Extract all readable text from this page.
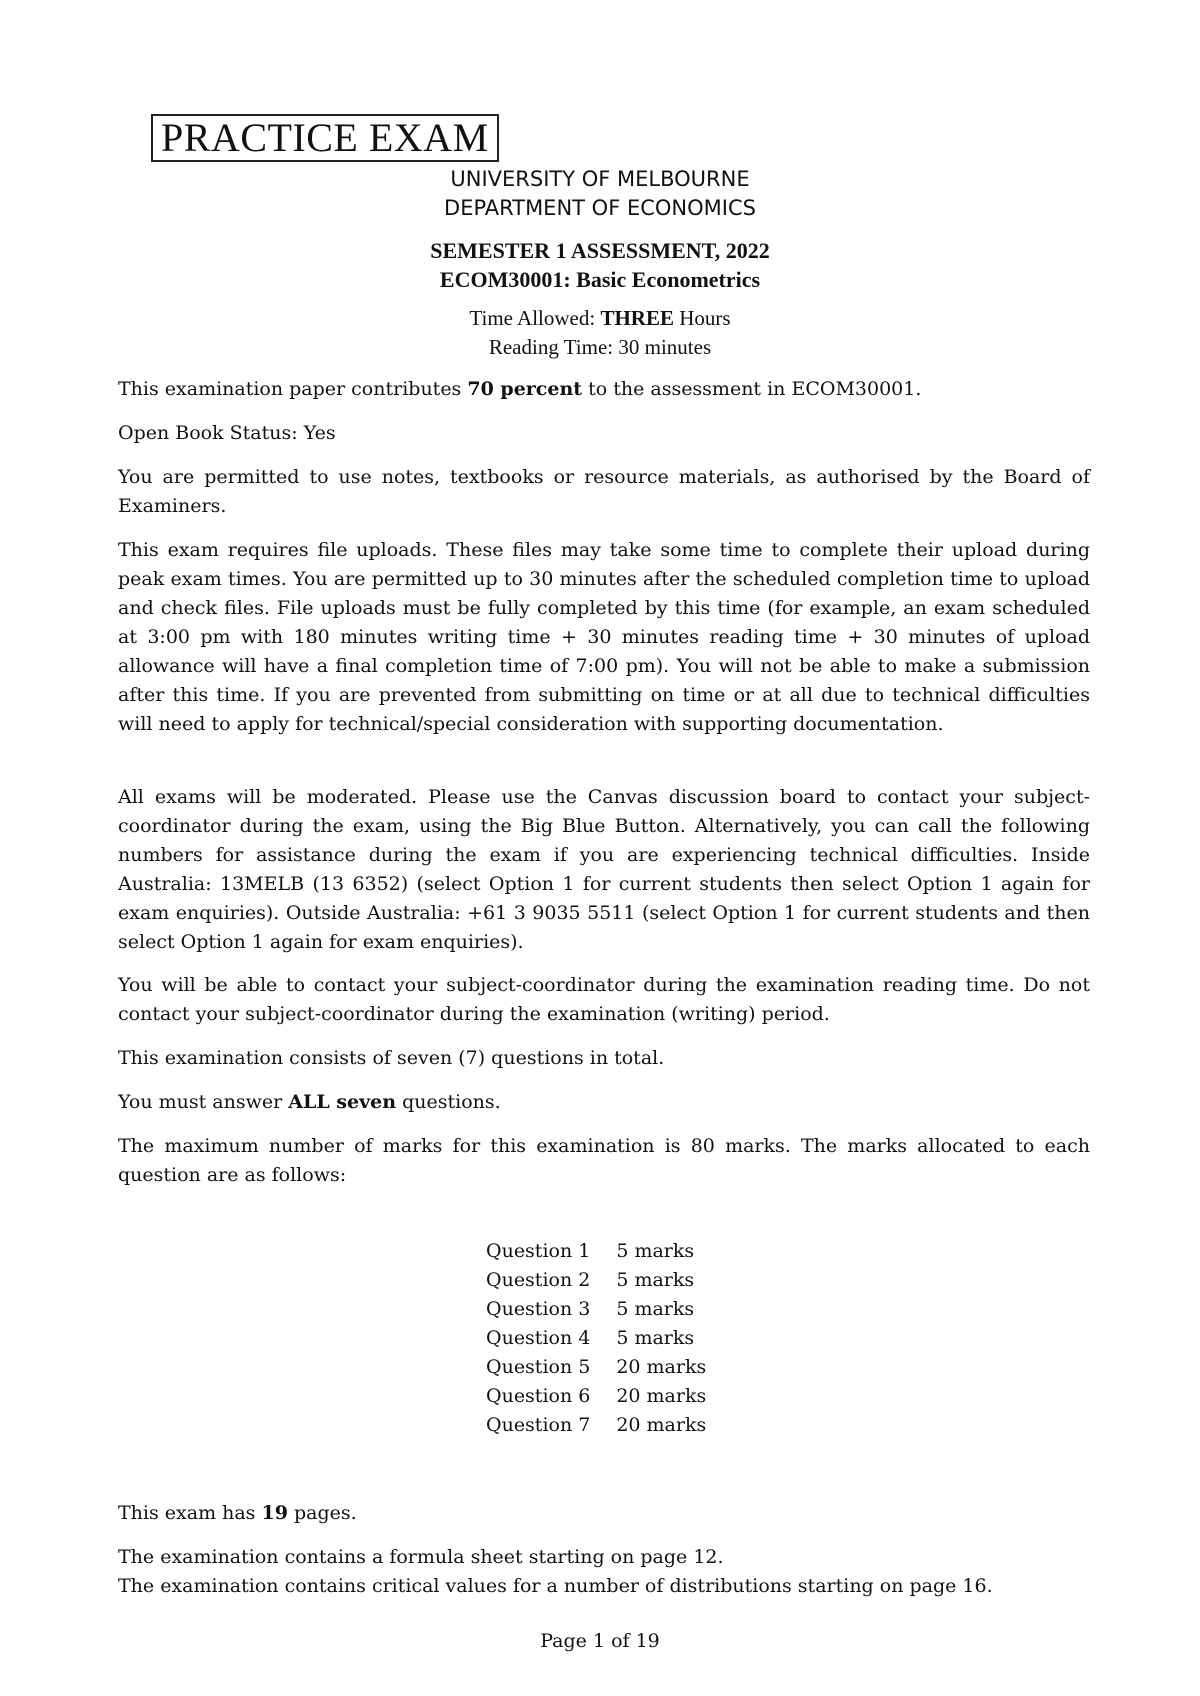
PRACTICE EXAM
UNIVERSITY OF MELBOURNE
DEPARTMENT OF ECONOMICS
SEMESTER 1 ASSESSMENT, 2022
ECOM30001: Basic Econometrics
Time Allowed: THREE Hours
Reading Time: 30 minutes

This examination paper contributes 70 percent to the assessment in ECOM30001.

Open Book Status: Yes

You are permitted to use notes, textbooks or resource materials, as authorised by the Board of Examiners.

This exam requires file uploads. These files may take some time to complete their upload during peak exam times. You are permitted up to 30 minutes after the scheduled completion time to upload and check files. File uploads must be fully completed by this time (for example, an exam scheduled at 3:00 pm with 180 minutes writing time + 30 minutes reading time + 30 minutes of upload allowance will have a final completion time of 7:00 pm). You will not be able to make a submission after this time. If you are prevented from submitting on time or at all due to technical difficulties will need to apply for technical/special consideration with supporting documentation.

All exams will be moderated. Please use the Canvas discussion board to contact your subject-coordinator during the exam, using the Big Blue Button. Alternatively, you can call the following numbers for assistance during the exam if you are experiencing technical difficulties. Inside Australia: 13MELB (13 6352) (select Option 1 for current students then select Option 1 again for exam enquiries). Outside Australia: +61 3 9035 5511 (select Option 1 for current students and then select Option 1 again for exam enquiries).

You will be able to contact your subject-coordinator during the examination reading time. Do not contact your subject-coordinator during the examination (writing) period.

This examination consists of seven (7) questions in total.

You must answer ALL seven questions.

The maximum number of marks for this examination is 80 marks. The marks allocated to each question are as follows:

Question 1	5 marks
Question 2	5 marks
Question 3	5 marks
Question 4	5 marks
Question 5	20 marks
Question 6	20 marks
Question 7	20 marks

This exam has 19 pages.

The examination contains a formula sheet starting on page 12.

The examination contains critical values for a number of distributions starting on page 16.

Page 1 of 19
